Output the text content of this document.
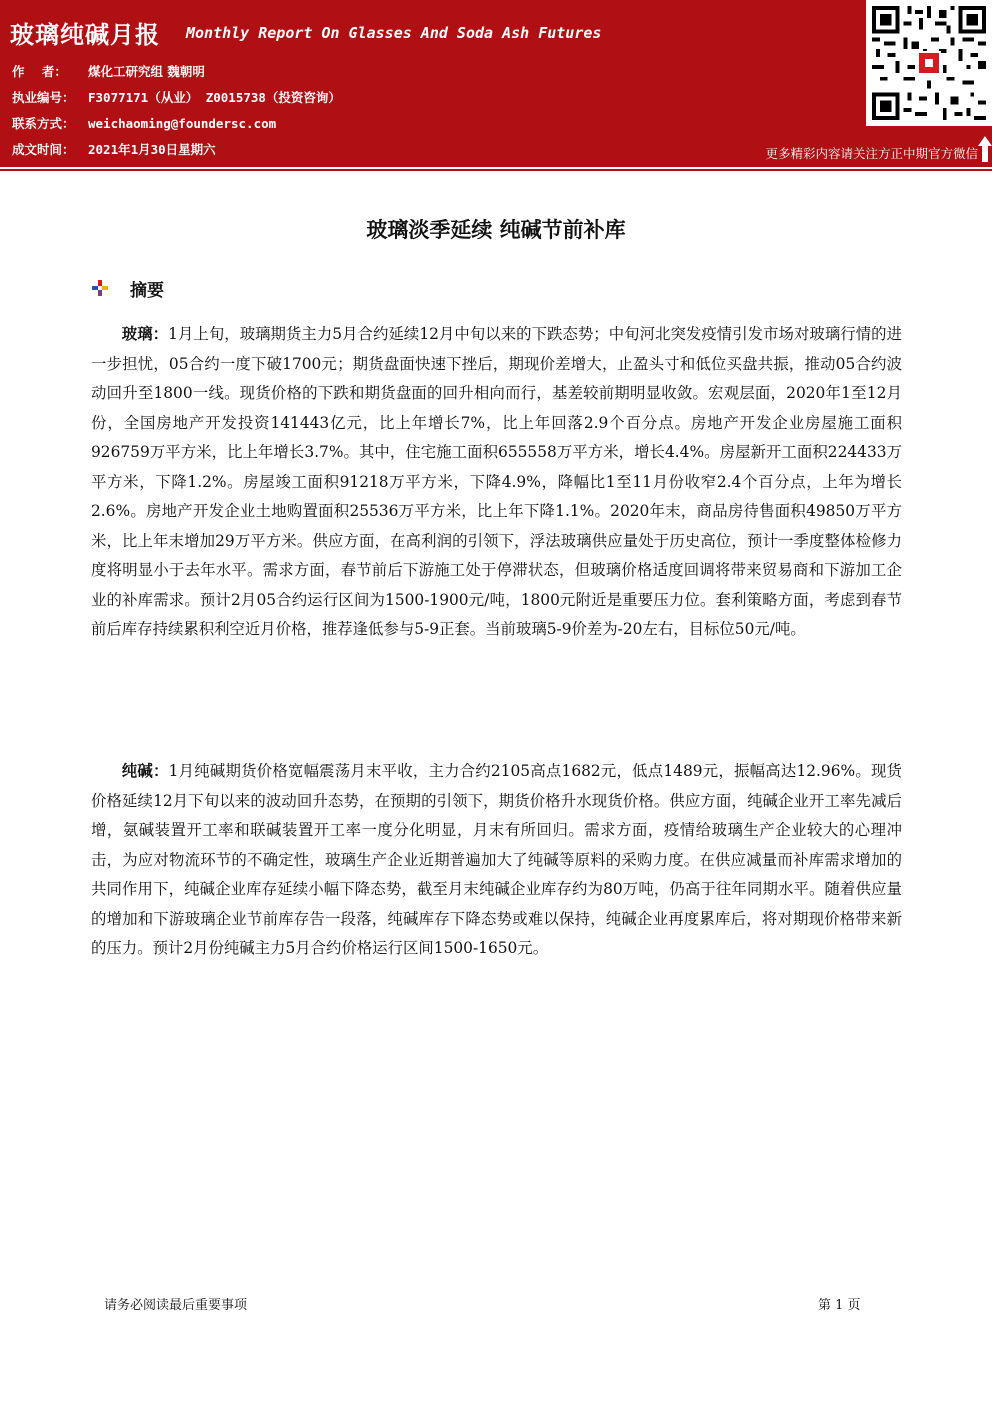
玻璃纯碱月报 Monthly Report On Glasses And Soda Ash Futures
作    者： 煤化工研究组 魏朝明
执业编号： F3077171（从业） Z0015738（投资咨询）
联系方式： weichaoming@foundersc.com
成文时间： 2021年1月30日星期六	更多精彩内容请关注方正中期官方微信
玻璃淡季延续 纯碱节前补库
摘要

玻璃：1月上旬，玻璃期货主力5月合约延续12月中旬以来的下跌态势；中旬河北突发疫情引发市场对玻璃行情的进一步担忧，05合约一度下破1700元；期货盘面快速下挫后，期现价差增大，止盈头寸和低位买盘共振，推动05合约波动回升至1800一线。现货价格的下跌和期货盘面的回升相向而行，基差较前期明显收敛。宏观层面，2020年1至12月份，全国房地产开发投资141443亿元，比上年增长7%，比上年回落2.9个百分点。房地产开发企业房屋施工面积926759万平方米，比上年增长3.7%。其中，住宅施工面积655558万平方米，增长4.4%。房屋新开工面积224433万平方米，下降1.2%。房屋竣工面积91218万平方米，下降4.9%，降幅比1至11月份收窄2.4个百分点，上年为增长2.6%。房地产开发企业土地购置面积25536万平方米，比上年下降1.1%。2020年末，商品房待售面积49850万平方米，比上年末增加29万平方米。供应方面，在高利润的引领下，浮法玻璃供应量处于历史高位，预计一季度整体检修力度将明显小于去年水平。需求方面，春节前后下游施工处于停滞状态，但玻璃价格适度回调将带来贸易商和下游加工企业的补库需求。预计2月05合约运行区间为1500-1900元/吨，1800元附近是重要压力位。套利策略方面，考虑到春节前后库存持续累积利空近月价格，推荐逢低参与5-9正套。当前玻璃5-9价差为-20左右，目标位50元/吨。

纯碱：1月纯碱期货价格宽幅震荡月末平收，主力合约2105高点1682元，低点1489元，振幅高达12.96%。现货价格延续12月下旬以来的波动回升态势，在预期的引领下，期货价格升水现货价格。供应方面，纯碱企业开工率先减后增，氨碱装置开工率和联碱装置开工率一度分化明显，月末有所回归。需求方面，疫情给玻璃生产企业较大的心理冲击，为应对物流环节的不确定性，玻璃生产企业近期普遍加大了纯碱等原料的采购力度。在供应减量而补库需求增加的共同作用下，纯碱企业库存延续小幅下降态势，截至月末纯碱企业库存约为80万吨，仍高于往年同期水平。随着供应量的增加和下游玻璃企业节前库存告一段落，纯碱库存下降态势或难以保持，纯碱企业再度累库后，将对期现价格带来新的压力。预计2月份纯碱主力5月合约价格运行区间1500-1650元。

请务必阅读最后重要事项	第 1 页
